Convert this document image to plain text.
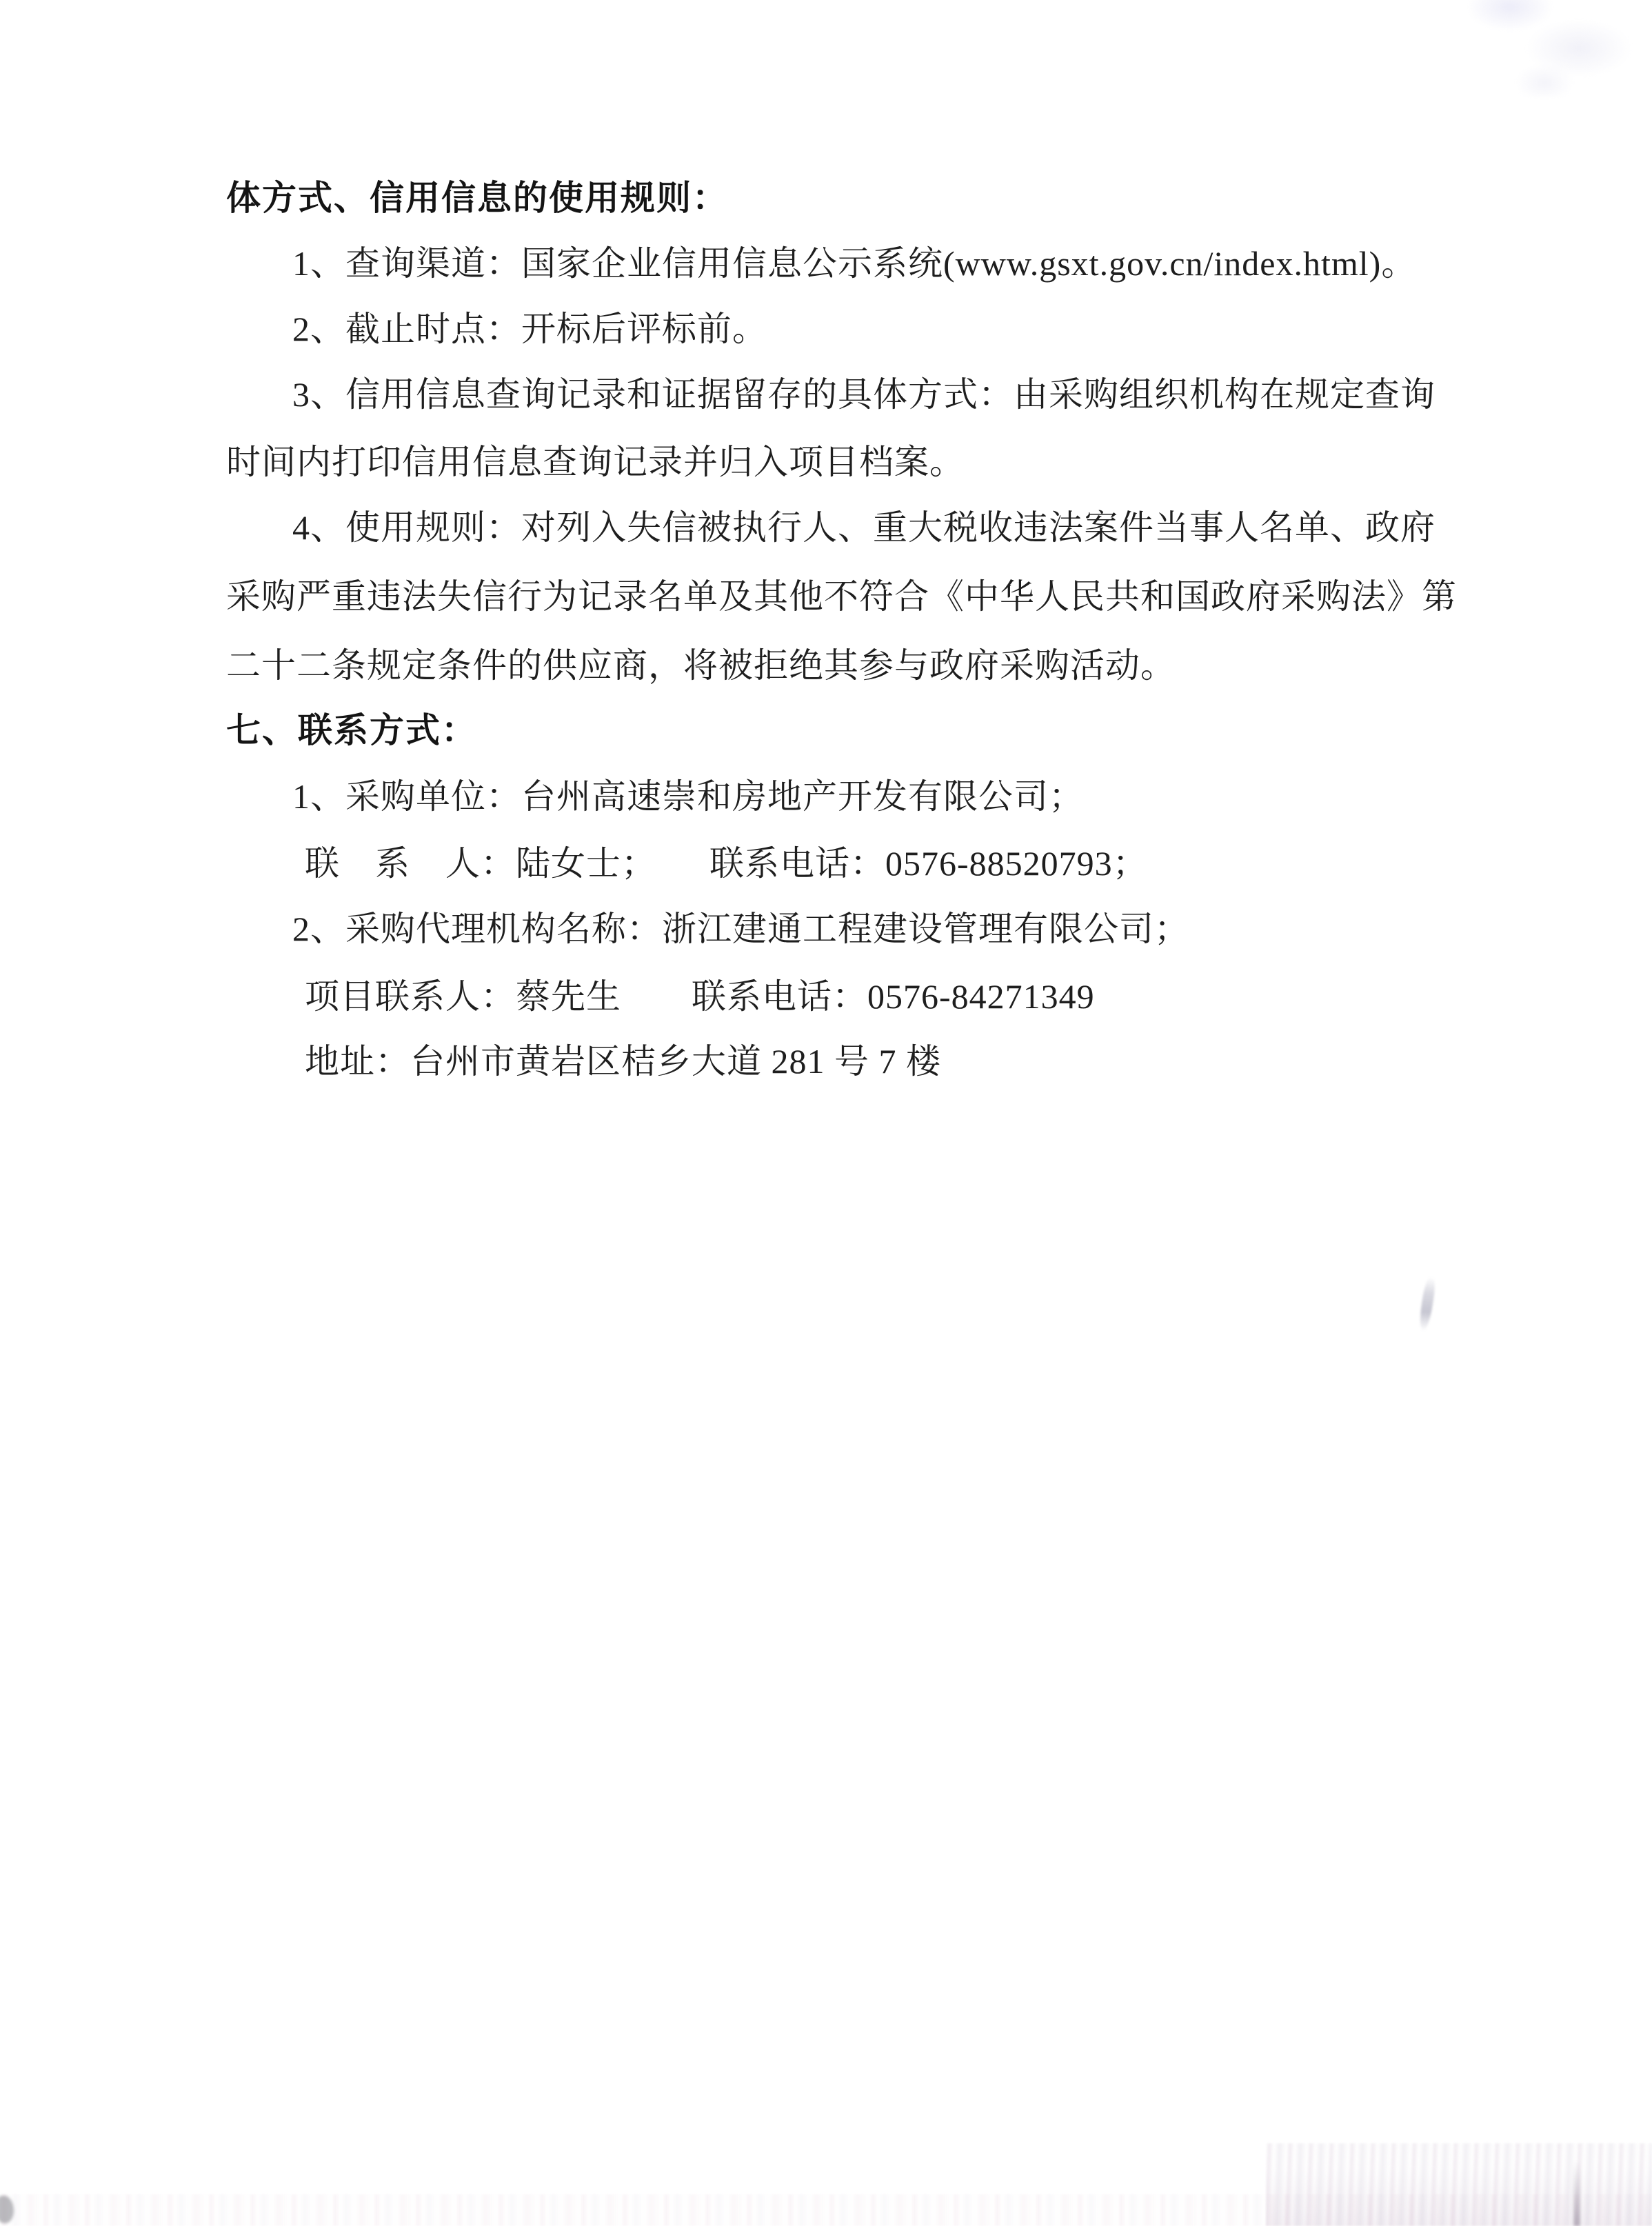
体方式、信用信息的使用规则：
1、查询渠道：国家企业信用信息公示系统(www.gsxt.gov.cn/index.html)。
2、截止时点：开标后评标前。
3、信用信息查询记录和证据留存的具体方式：由采购组织机构在规定查询
时间内打印信用信息查询记录并归入项目档案。
4、使用规则：对列入失信被执行人、重大税收违法案件当事人名单、政府
采购严重违法失信行为记录名单及其他不符合《中华人民共和国政府采购法》第
二十二条规定条件的供应商，将被拒绝其参与政府采购活动。
七、联系方式：
1、采购单位：台州高速崇和房地产开发有限公司；
联　系　人：陆女士；　　联系电话：0576-88520793；
2、采购代理机构名称：浙江建通工程建设管理有限公司；
项目联系人：蔡先生　　联系电话：0576-84271349
地址：台州市黄岩区桔乡大道 281 号 7 楼
